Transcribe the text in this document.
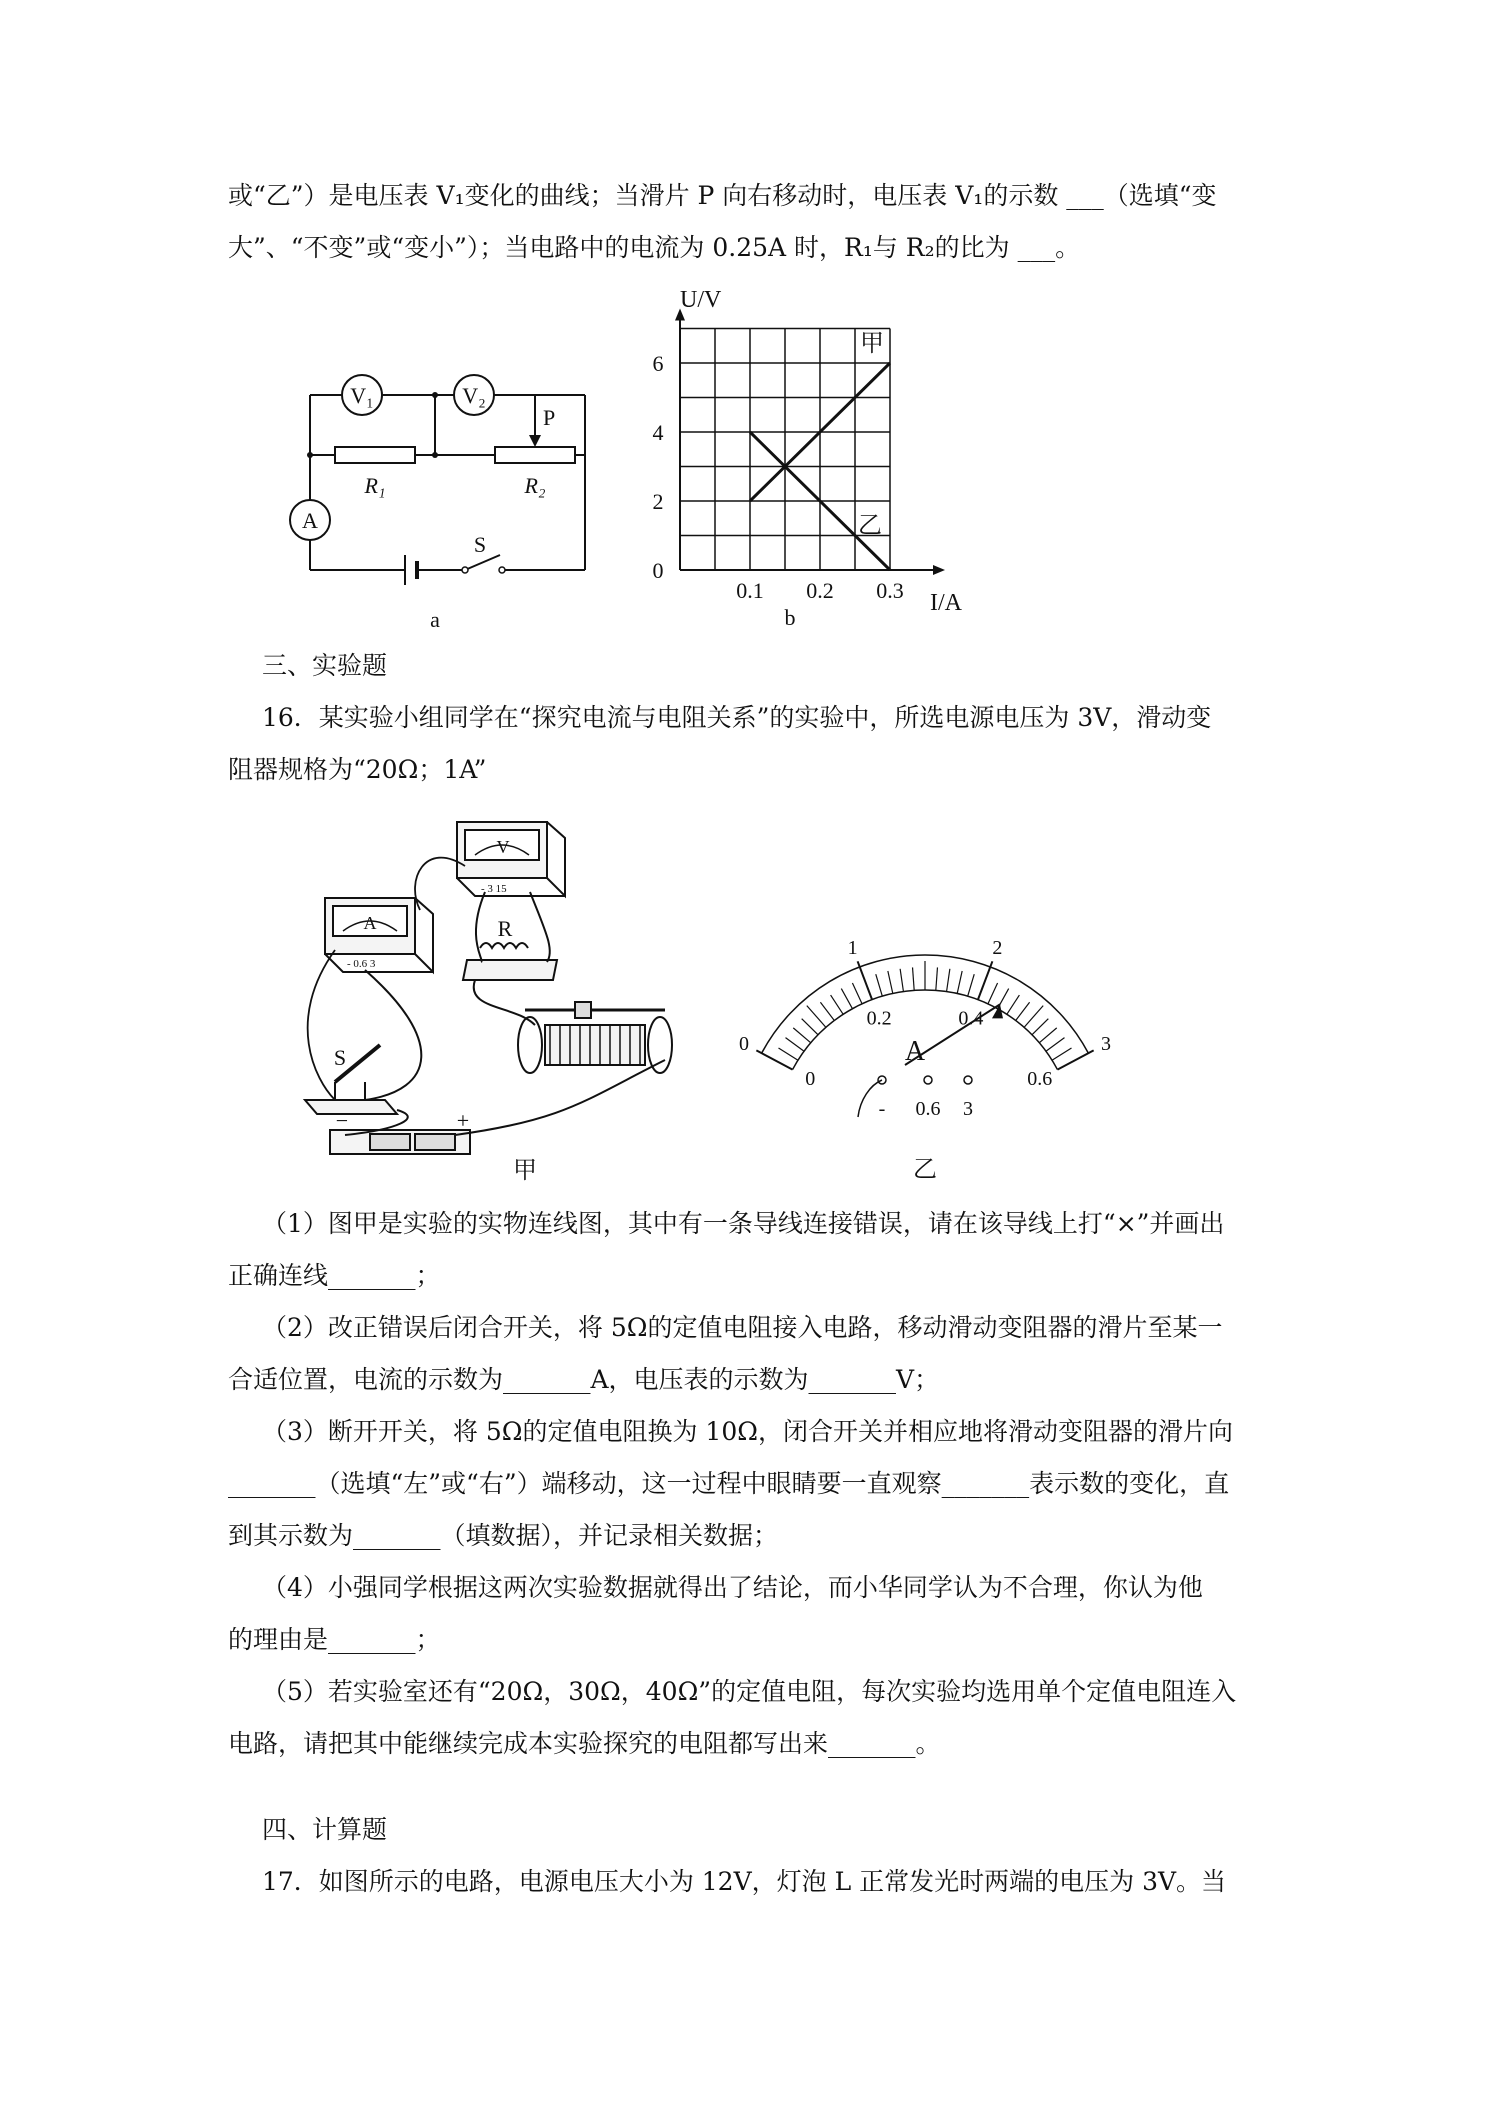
或“乙”）是电压表 V₁变化的曲线；当滑片 P 向右移动时，电压表 V₁的示数 ___（选填“变
大”、“不变”或“变小”）；当电路中的电流为 0.25A 时，R₁与 R₂的比为 ___。
V₁	V₂
A
R₁	R₂
P
S
a
0
2
4
6
0.1 0.2 0.3
U/V
I/A
甲
乙
b
三、实验题
16．某实验小组同学在“探究电流与电阻关系”的实验中，所选电源电压为 3V，滑动变
阻器规格为“20Ω；1A”
V
- 3 15
A
- 0.6 3
R
S
−	+
甲
0
1	2
3
0
0.2	0.4
0.6
A
- 0.6 3
乙
（1）图甲是实验的实物连线图，其中有一条导线连接错误，请在该导线上打“×”并画出
正确连线_______；
（2）改正错误后闭合开关，将 5Ω的定值电阻接入电路，移动滑动变阻器的滑片至某一
合适位置，电流的示数为_______A，电压表的示数为_______V；
（3）断开开关，将 5Ω的定值电阻换为 10Ω，闭合开关并相应地将滑动变阻器的滑片向
_______（选填“左”或“右”）端移动，这一过程中眼睛要一直观察_______表示数的变化，直
到其示数为_______（填数据），并记录相关数据；
（4）小强同学根据这两次实验数据就得出了结论，而小华同学认为不合理，你认为他
的理由是_______；
（5）若实验室还有“20Ω，30Ω，40Ω”的定值电阻，每次实验均选用单个定值电阻连入
电路，请把其中能继续完成本实验探究的电阻都写出来_______。
四、计算题
17．如图所示的电路，电源电压大小为 12V，灯泡 L 正常发光时两端的电压为 3V。当
